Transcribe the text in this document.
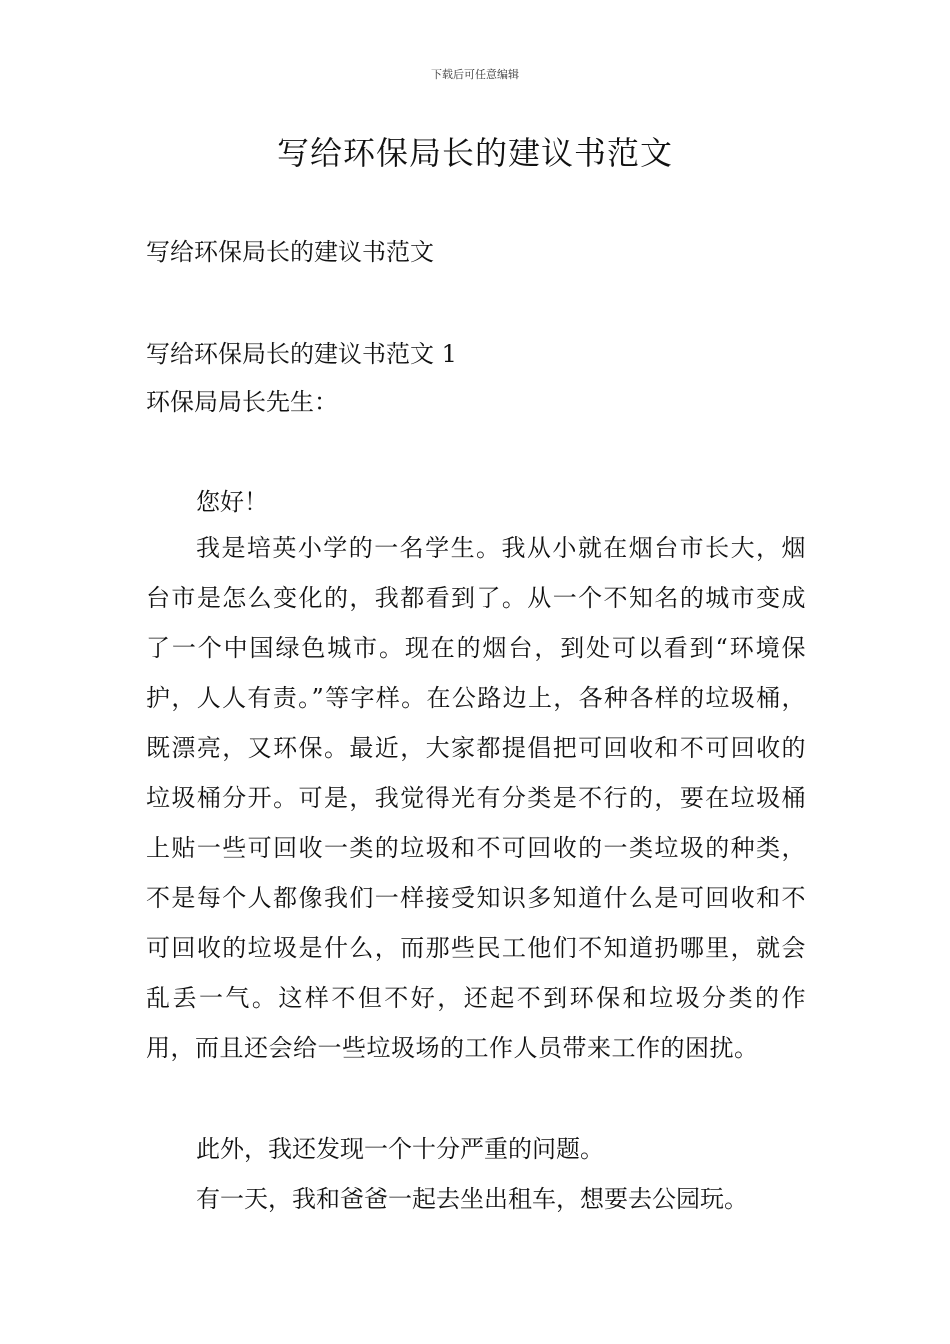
下载后可任意编辑
写给环保局长的建议书范文

写给环保局长的建议书范文

写给环保局长的建议书范文 1

环保局局长先生：

您好！

我是培英小学的一名学生。我从小就在烟台市长大，烟台市是怎么变化的，我都看到了。从一个不知名的城市变成了一个中国绿色城市。现在的烟台，到处可以看到“环境保护，人人有责。”等字样。在公路边上，各种各样的垃圾桶，既漂亮，又环保。最近，大家都提倡把可回收和不可回收的垃圾桶分开。可是，我觉得光有分类是不行的，要在垃圾桶上贴一些可回收一类的垃圾和不可回收的一类垃圾的种类，不是每个人都像我们一样接受知识多知道什么是可回收和不可回收的垃圾是什么，而那些民工他们不知道扔哪里，就会乱丢一气。这样不但不好，还起不到环保和垃圾分类的作用，而且还会给一些垃圾场的工作人员带来工作的困扰。

此外，我还发现一个十分严重的问题。

有一天，我和爸爸一起去坐出租车，想要去公园玩。
